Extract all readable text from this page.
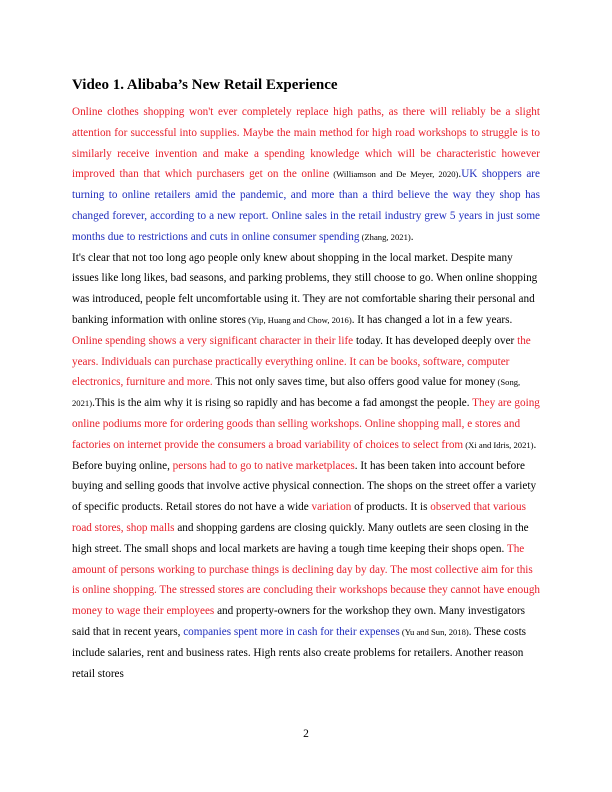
Video 1. Alibaba’s New Retail Experience

Online clothes shopping won't ever completely replace high paths, as there will reliably be a slight attention for successful into supplies. Maybe the main method for high road workshops to struggle is to similarly receive invention and make a spending knowledge which will be characteristic however improved than that which purchasers get on the online (Williamson and De Meyer, 2020).UK shoppers are turning to online retailers amid the pandemic, and more than a third believe the way they shop has changed forever, according to a new report. Online sales in the retail industry grew 5 years in just some months due to restrictions and cuts in online consumer spending (Zhang, 2021).

It's clear that not too long ago people only knew about shopping in the local market. Despite many issues like long likes, bad seasons, and parking problems, they still choose to go. When online shopping was introduced, people felt uncomfortable using it. They are not comfortable sharing their personal and banking information with online stores (Yip, Huang and Chow, 2016). It has changed a lot in a few years. Online spending shows a very significant character in their life today. It has developed deeply over the years. Individuals can purchase practically everything online. It can be books, software, computer electronics, furniture and more. This not only saves time, but also offers good value for money (Song, 2021).This is the aim why it is rising so rapidly and has become a fad amongst the people. They are going online podiums more for ordering goods than selling workshops. Online shopping mall, e stores and factories on internet provide the consumers a broad variability of choices to select from (Xi and Idris, 2021).

Before buying online, persons had to go to native marketplaces. It has been taken into account before buying and selling goods that involve active physical connection. The shops on the street offer a variety of specific products. Retail stores do not have a wide variation of products. It is observed that various road stores, shop malls and shopping gardens are closing quickly. Many outlets are seen closing in the high street. The small shops and local markets are having a tough time keeping their shops open. The amount of persons working to purchase things is declining day by day. The most collective aim for this is online shopping. The stressed stores are concluding their workshops because they cannot have enough money to wage their employees and property-owners for the workshop they own. Many investigators said that in recent years, companies spent more in cash for their expenses (Yu and Sun, 2018). These costs include salaries, rent and business rates. High rents also create problems for retailers. Another reason retail stores

2
